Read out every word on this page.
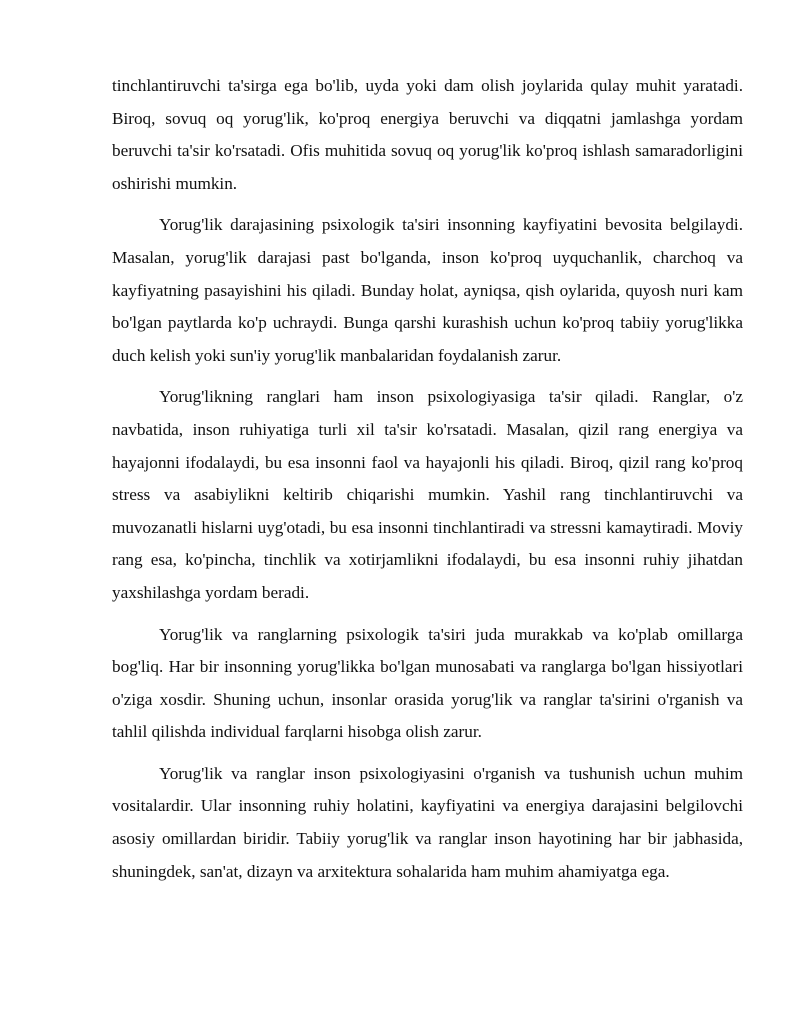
tinchlantiruvchi ta'sirga ega bo'lib, uyda yoki dam olish joylarida qulay muhit yaratadi. Biroq, sovuq oq yorug'lik, ko'proq energiya beruvchi va diqqatni jamlashga yordam beruvchi ta'sir ko'rsatadi. Ofis muhitida sovuq oq yorug'lik ko'proq ishlash samaradorligini oshirishi mumkin.

Yorug'lik darajasining psixologik ta'siri insonning kayfiyatini bevosita belgilaydi. Masalan, yorug'lik darajasi past bo'lganda, inson ko'proq uyquchanlik, charchoq va kayfiyatning pasayishini his qiladi. Bunday holat, ayniqsa, qish oylarida, quyosh nuri kam bo'lgan paytlarda ko'p uchraydi. Bunga qarshi kurashish uchun ko'proq tabiiy yorug'likka duch kelish yoki sun'iy yorug'lik manbalaridan foydalanish zarur.

Yorug'likning ranglari ham inson psixologiyasiga ta'sir qiladi. Ranglar, o'z navbatida, inson ruhiyatiga turli xil ta'sir ko'rsatadi. Masalan, qizil rang energiya va hayajonni ifodalaydi, bu esa insonni faol va hayajonli his qiladi. Biroq, qizil rang ko'proq stress va asabiylikni keltirib chiqarishi mumkin. Yashil rang tinchlantiruvchi va muvozanatli hislarni uyg'otadi, bu esa insonni tinchlantiradi va stressni kamaytiradi. Moviy rang esa, ko'pincha, tinchlik va xotirjamlikni ifodalaydi, bu esa insonni ruhiy jihatdan yaxshilashga yordam beradi.

Yorug'lik va ranglarning psixologik ta'siri juda murakkab va ko'plab omillarga bog'liq. Har bir insonning yorug'likka bo'lgan munosabati va ranglarga bo'lgan hissiyotlari o'ziga xosdir. Shuning uchun, insonlar orasida yorug'lik va ranglar ta'sirini o'rganish va tahlil qilishda individual farqlarni hisobga olish zarur.

Yorug'lik va ranglar inson psixologiyasini o'rganish va tushunish uchun muhim vositalardir. Ular insonning ruhiy holatini, kayfiyatini va energiya darajasini belgilovchi asosiy omillardan biridir. Tabiiy yorug'lik va ranglar inson hayotining har bir jabhasida, shuningdek, san'at, dizayn va arxitektura sohalarida ham muhim ahamiyatga ega.
